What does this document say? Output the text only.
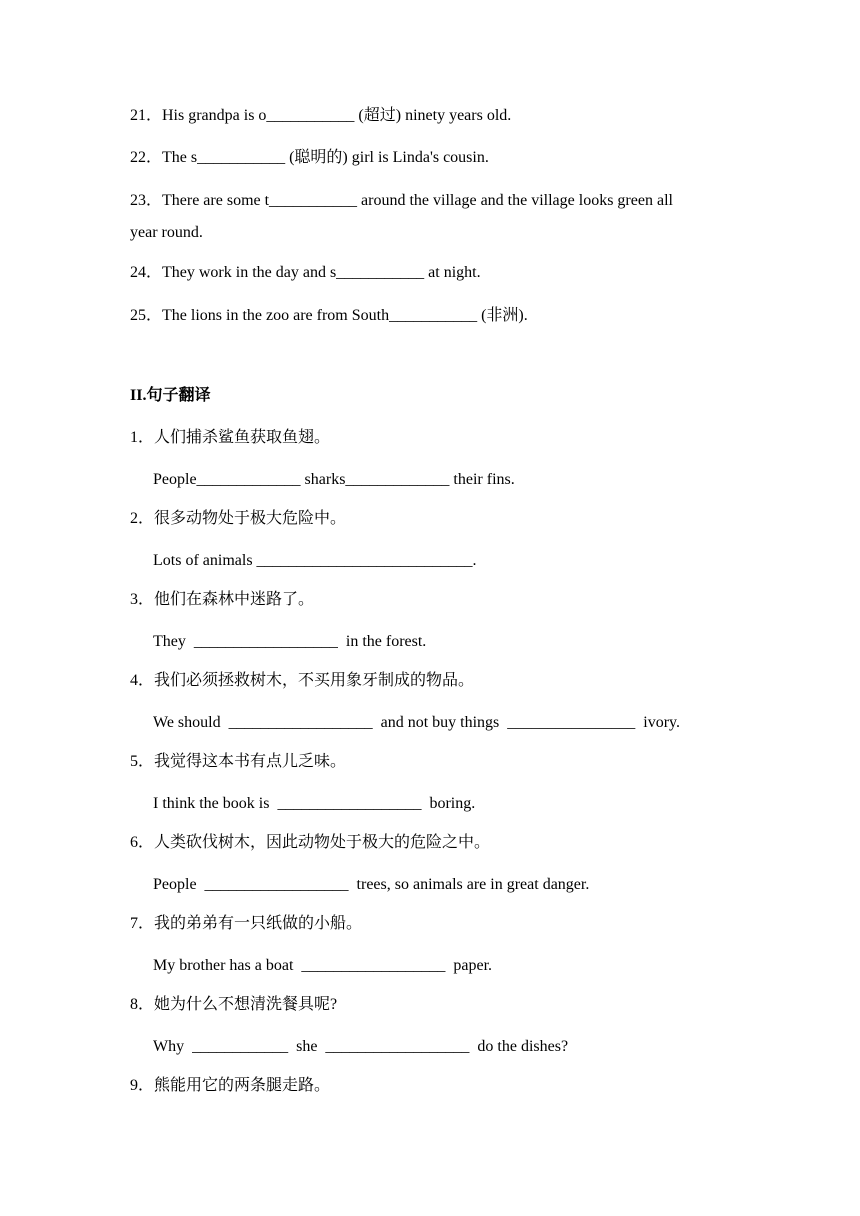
21．His grandpa is o___________ (超过) ninety years old.
22．The s___________ (聪明的) girl is Linda's cousin.
23．There are some t___________ around the village and the village looks green all
year round.
24．They work in the day and s___________ at night.
25．The lions in the zoo are from South___________ (非洲).
II.句子翻译
1．人们捕杀鲨鱼获取鱼翅。
People_____________ sharks_____________ their fins.
2．很多动物处于极大危险中。
Lots of animals ___________________________.
3．他们在森林中迷路了。
They  __________________  in the forest.
4．我们必须拯救树木，不买用象牙制成的物品。
We should  __________________  and not buy things  ________________  ivory.
5．我觉得这本书有点儿乏味。
I think the book is  __________________  boring.
6．人类砍伐树木，因此动物处于极大的危险之中。
People  __________________  trees, so animals are in great danger.
7．我的弟弟有一只纸做的小船。
My brother has a boat  __________________  paper.
8．她为什么不想清洗餐具呢?
Why  ____________  she  __________________  do the dishes?
9．熊能用它的两条腿走路。
